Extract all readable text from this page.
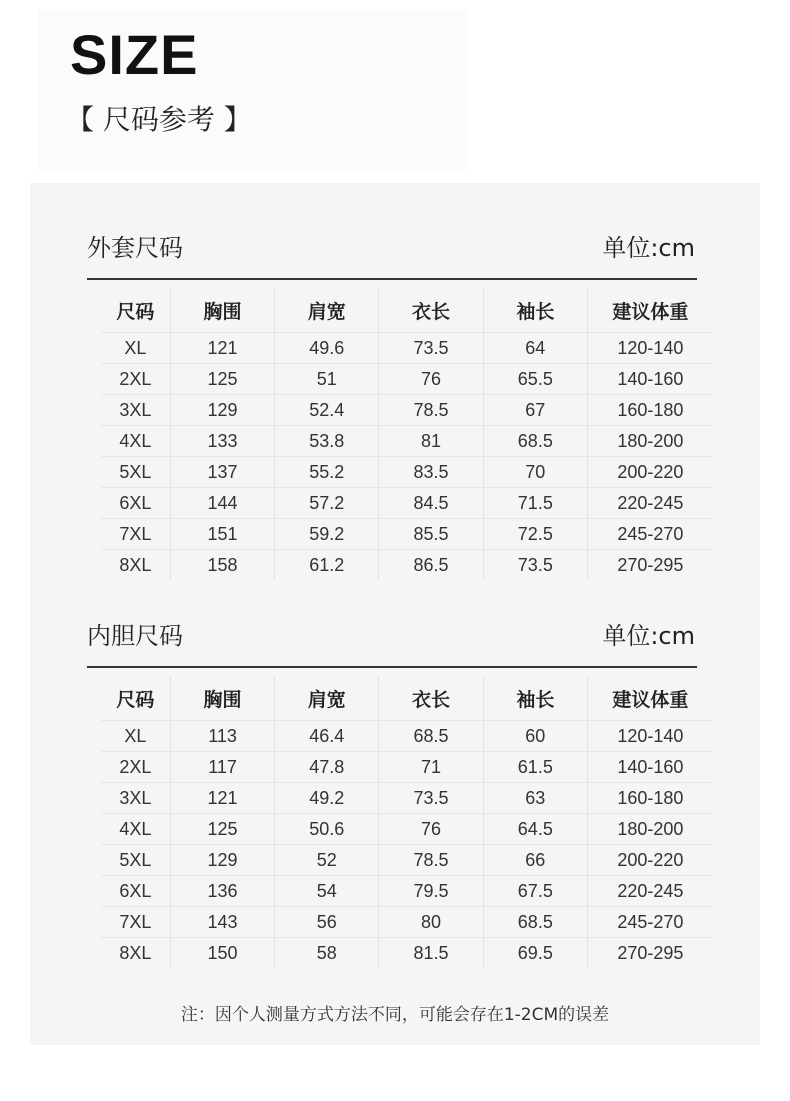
SIZE
【 尺码参考 】
外套尺码	单位:cm
尺码	胸围	肩宽	衣长	袖长	建议体重
XL	121	49.6	73.5	64	120-140
2XL	125	51	76	65.5	140-160
3XL	129	52.4	78.5	67	160-180
4XL	133	53.8	81	68.5	180-200
5XL	137	55.2	83.5	70	200-220
6XL	144	57.2	84.5	71.5	220-245
7XL	151	59.2	85.5	72.5	245-270
8XL	158	61.2	86.5	73.5	270-295
内胆尺码	单位:cm
尺码	胸围	肩宽	衣长	袖长	建议体重
XL	113	46.4	68.5	60	120-140
2XL	117	47.8	71	61.5	140-160
3XL	121	49.2	73.5	63	160-180
4XL	125	50.6	76	64.5	180-200
5XL	129	52	78.5	66	200-220
6XL	136	54	79.5	67.5	220-245
7XL	143	56	80	68.5	245-270
8XL	150	58	81.5	69.5	270-295
注：因个人测量方式方法不同，可能会存在1-2CM的误差
